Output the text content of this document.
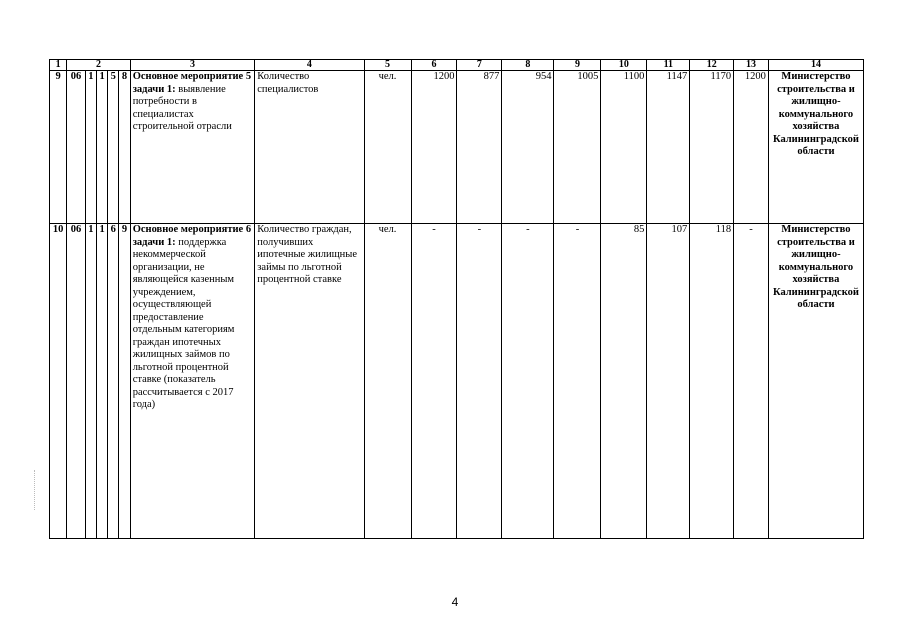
1	2					3	4	5	6	7	8	9	10	11	12	13	14
9	06	1	1	5	8	Основное мероприятие 5 задачи 1: выявление потребности в специалистах строительной отрасли	Количество специалистов	чел.	1200	877	954	1005	1100	1147	1170	1200	Министерство строительства и жилищно-коммунального хозяйства Калининградской области
10	06	1	1	6	9	Основное мероприятие 6 задачи 1: поддержка некоммерческой организации, не являющейся казенным учреждением, осуществляющей предоставление отдельным категориям граждан ипотечных жилищных займов по льготной процентной ставке (показатель рассчитывается с 2017 года)	Количество граждан, получивших ипотечные жилищные займы по льготной процентной ставке	чел.	-	-	-	-	85	107	118	-	Министерство строительства и жилищно-коммунального хозяйства Калининградской области
4
